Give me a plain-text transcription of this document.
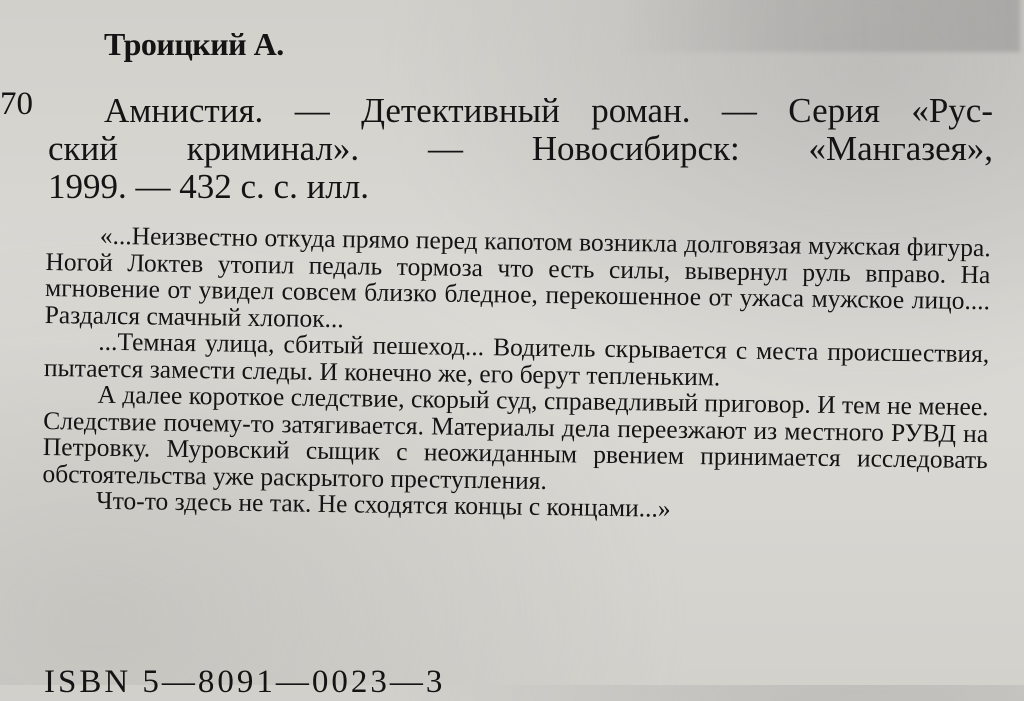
70
Троицкий А.
Амнистия. — Детективный роман. — Серия «Рус-
ский криминал». — Новосибирск: «Мангазея»,
1999. — 432 с. с. илл.

«...Неизвестно откуда прямо перед капотом возникла долговязая мужская фигура. Ногой Локтев утопил педаль тормоза что есть силы, вывернул руль вправо. На мгновение от увидел совсем близко бледное, перекошенное от ужаса мужское лицо.... Раздался смачный хлопок...

...Темная улица, сбитый пешеход... Водитель скрывается с места происшествия, пытается замести следы. И конечно же, его берут тепленьким.

А далее короткое следствие, скорый суд, справедливый приговор. И тем не менее. Следствие почему-то затягивается. Материалы дела переезжают из местного РУВД на Петровку. Муровский сыщик с неожиданным рвением принимается исследовать обстоятельства уже раскрытого преступления.

Что-то здесь не так. Не сходятся концы с концами...»

ISBN 5—8091—0023—3
